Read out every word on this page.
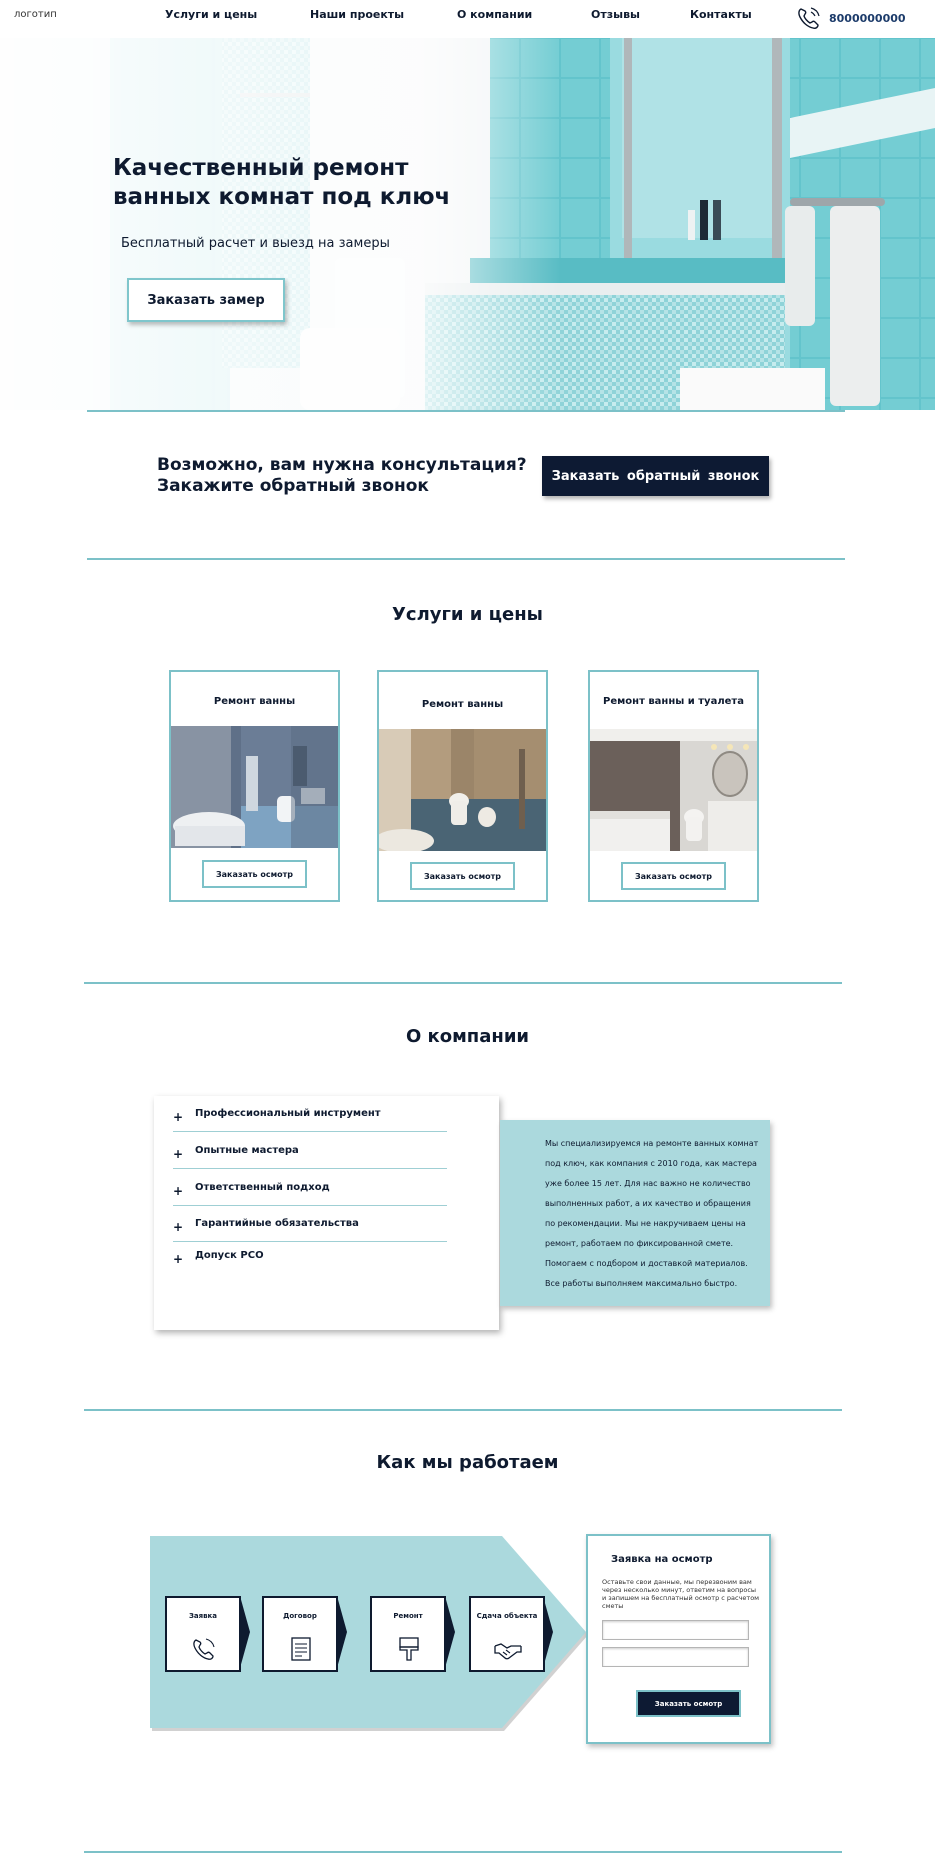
логотип	Услуги и цены	Наши проекты	О компании	Отзывы	Контакты	8000000000
Качественный ремонт ванных комнат под ключ
Бесплатный расчет и выезд на замеры
Заказать замер
Возможно, вам нужна консультация?
Закажите обратный звонок	Заказать обратный звонок
Услуги и цены
Ремонт ванны
Заказать осмотр
Ремонт ванны
Заказать осмотр
Ремонт ванны и туалета
Заказать осмотр
О компании
+ Профессиональный инструмент
+ Опытные мастера
+ Ответственный подход
+ Гарантийные обязательства
+ Допуск РСО
Мы специализируемся на ремонте ванных комнат под ключ, как компания с 2010 года, как мастера уже более 15 лет. Для нас важно не количество выполненных работ, а их качество и обращения по рекомендации. Мы не накручиваем цены на ремонт, работаем по фиксированной смете. Помогаем с подбором и доставкой материалов. Все работы выполняем максимально быстро.
Как мы работаем
Заявка	Договор	Ремонт	Сдача объекта
Заявка на осмотр
Оставьте свои данные, мы перезвоним вам через несколько минут, ответим на вопросы и запишем на бесплатный осмотр с расчетом сметы
Заказать осмотр
